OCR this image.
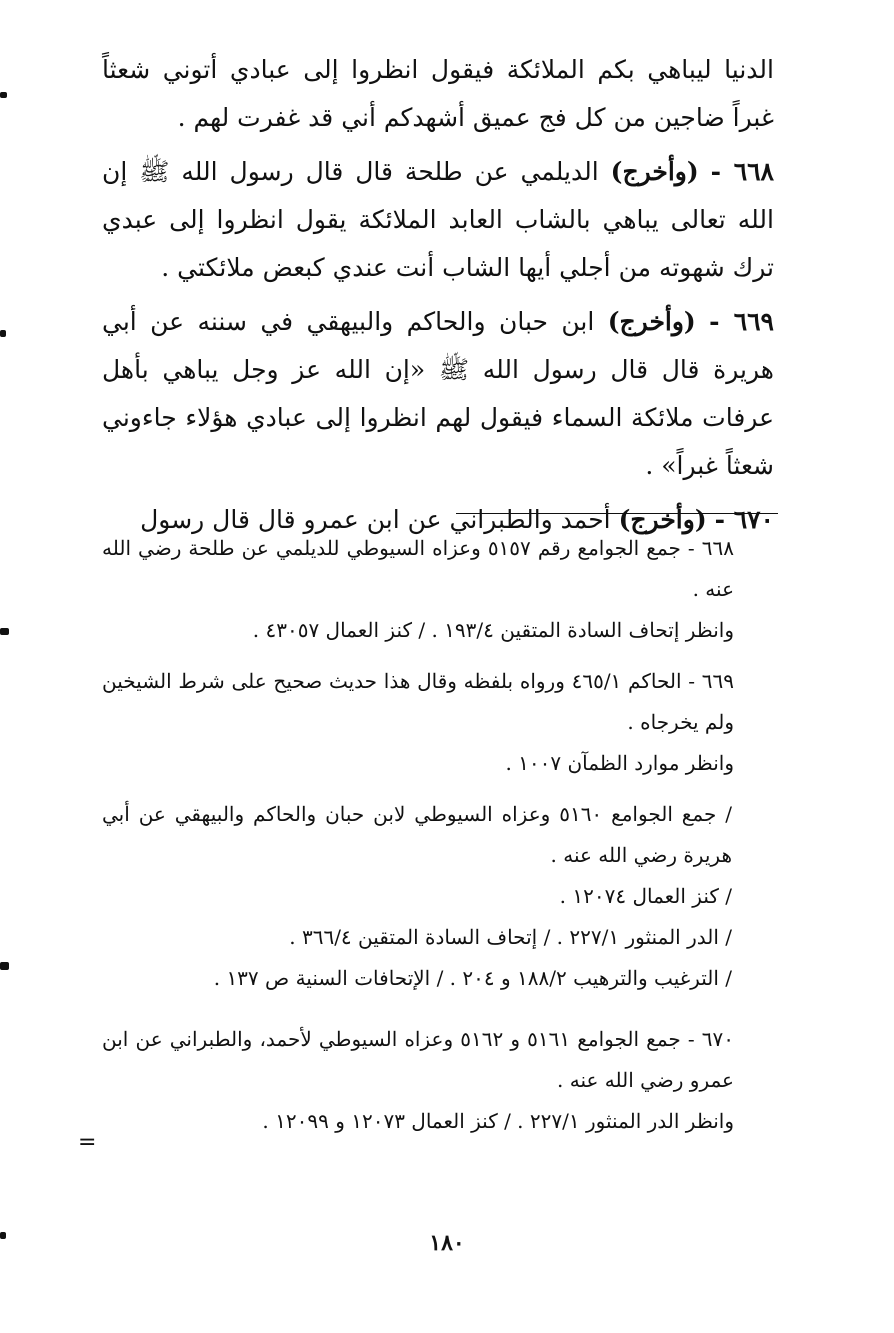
الدنيا ليباهي بكم الملائكة فيقول انظروا إلى عبادي أتوني شعثاً غبراً ضاجين من كل فج عميق أشهدكم أني قد غفرت لهم .

٦٦٨ - (وأخرج) الديلمي عن طلحة قال قال رسول الله ﷺ إن الله تعالى يباهي بالشاب العابد الملائكة يقول انظروا إلى عبدي ترك شهوته من أجلي أيها الشاب أنت عندي كبعض ملائكتي .

٦٦٩ - (وأخرج) ابن حبان والحاكم والبيهقي في سننه عن أبي هريرة قال قال رسول الله ﷺ «إن الله عز وجل يباهي بأهل عرفات ملائكة السماء فيقول لهم انظروا إلى عبادي هؤلاء جاءوني شعثاً غبراً» .

٦٧٠ - (وأخرج) أحمد والطبراني عن ابن عمرو قال قال رسول

٦٦٨ - جمع الجوامع رقم ٥١٥٧ وعزاه السيوطي للديلمي عن طلحة رضي الله عنه .

وانظر إتحاف السادة المتقين ١٩٣/٤ . / كنز العمال ٤٣٠٥٧ .

٦٦٩ - الحاكم ٤٦٥/١ ورواه بلفظه وقال هذا حديث صحيح على شرط الشيخين ولم يخرجاه .

وانظر موارد الظمآن ١٠٠٧ .

/ جمع الجوامع ٥١٦٠ وعزاه السيوطي لابن حبان والحاكم والبيهقي عن أبي هريرة رضي الله عنه .

/ كنز العمال ١٢٠٧٤ .

/ الدر المنثور ٢٢٧/١ . / إتحاف السادة المتقين ٣٦٦/٤ .

/ الترغيب والترهيب ١٨٨/٢ و ٢٠٤ . / الإتحافات السنية ص ١٣٧ .

٦٧٠ - جمع الجوامع ٥١٦١ و ٥١٦٢ وعزاه السيوطي لأحمد، والطبراني عن ابن عمرو رضي الله عنه .

وانظر الدر المنثور ٢٢٧/١ . / كنز العمال ١٢٠٧٣ و ١٢٠٩٩ .

=
١٨٠
